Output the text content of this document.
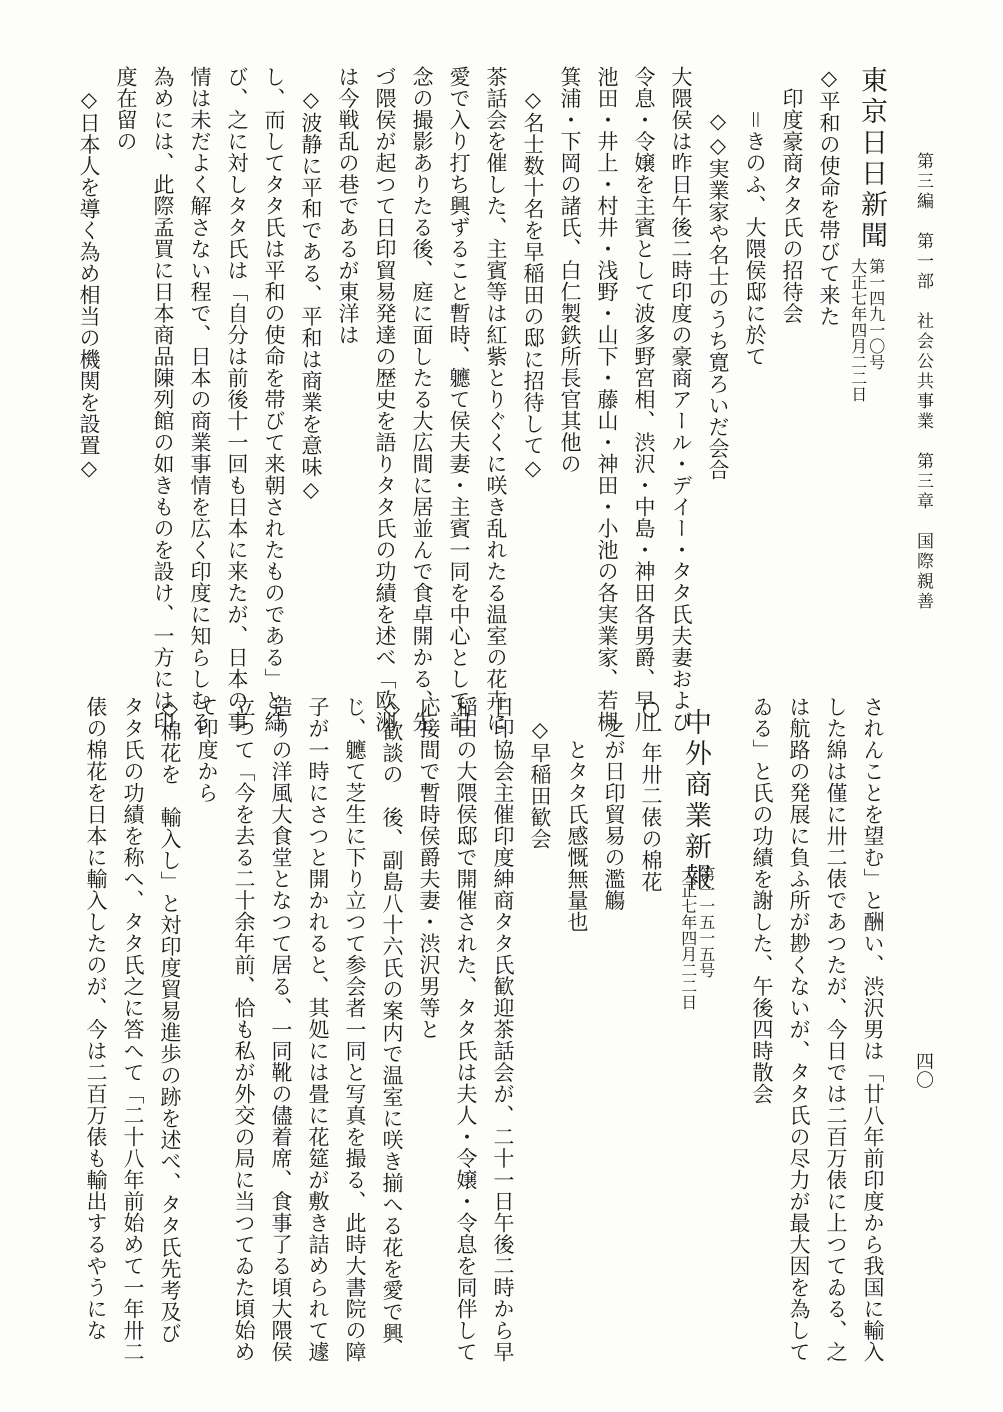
第三編　第一部　社会公共事業　第三章　国際親善
四〇
東京日日新聞
第一四九一〇号
大正七年四月二二日
◇平和の使命を帯びて来た
　印度豪商タタ氏の招待会
　　＝きのふ、大隈侯邸に於て
　　◇◇実業家や名士のうち寛ろいだ会合
大隈侯は昨日午後二時印度の豪商アール・デイー・タタ氏夫妻および
令息・令嬢を主賓として波多野宮相、渋沢・中島・神田各男爵、早川
池田・井上・村井・浅野・山下・藤山・神田・小池の各実業家、若槻
箕浦・下岡の諸氏、白仁製鉄所長官其他の
　◇名士数十名を早稲田の邸に招待して◇
茶話会を催した、主賓等は紅紫とりぐくに咲き乱れたる温室の花卉に
愛で入り打ち興ずること暫時、軈て侯夫妻・主賓一同を中心として記
念の撮影ありたる後、庭に面したる大広間に居並んで食卓開かる、先
づ隈侯が起つて日印貿易発達の歴史を語りタタ氏の功績を述べ「欧洲
は今戦乱の巷であるが東洋は
　◇波静に平和である、平和は商業を意味◇
し、而してタタ氏は平和の使命を帯びて来朝されたものである」と結
び、之に対しタタ氏は「自分は前後十一回も日本に来たが、日本の事
情は未だよく解さない程で、日本の商業事情を広く印度に知らしむる
為めには、此際孟買に日本商品陳列館の如きものを設け、一方には印
度在留の
　◇日本人を導く為め相当の機関を設置◇
されんことを望む」と酬い、渋沢男は「廿八年前印度から我国に輸入
した綿は僅に卅二俵であつたが、今日では二百万俵に上つてゐる、之
は航路の発展に負ふ所が尠くないが、タタ氏の尽力が最大因を為して
ゐる」と氏の功績を謝した、午後四時散会
中外商業新報
第一一五一五号
大正七年四月二二日
○一年卅二俵の棉花
　之が日印貿易の濫觴
　　とタタ氏感慨無量也
　◇早稲田歓会
日印協会主催印度紳商タタ氏歓迎茶話会が、二十一日午後二時から早
稲田の大隈侯邸で開催された、タタ氏は夫人・令嬢・令息を同伴して
応接間で暫時侯爵夫妻・渋沢男等と
◇歓談の　後、副島八十六氏の案内で温室に咲き揃へる花を愛で興
じ、軈て芝生に下り立つて参会者一同と写真を撮る、此時大書院の障
子が一時にさつと開かれると、其処には畳に花筵が敷き詰められて遽
造りの洋風大食堂となつて居る、一同靴の儘着席、食事了る頃大隈侯
立つて「今を去る二十余年前、恰も私が外交の局に当つてゐた頃始め
て印度から
◇棉花を　輸入し」と対印度貿易進歩の跡を述べ、タタ氏先考及び
タタ氏の功績を称へ、タタ氏之に答へて「二十八年前始めて一年卅二
俵の棉花を日本に輸入したのが、今は二百万俵も輸出するやうにな
